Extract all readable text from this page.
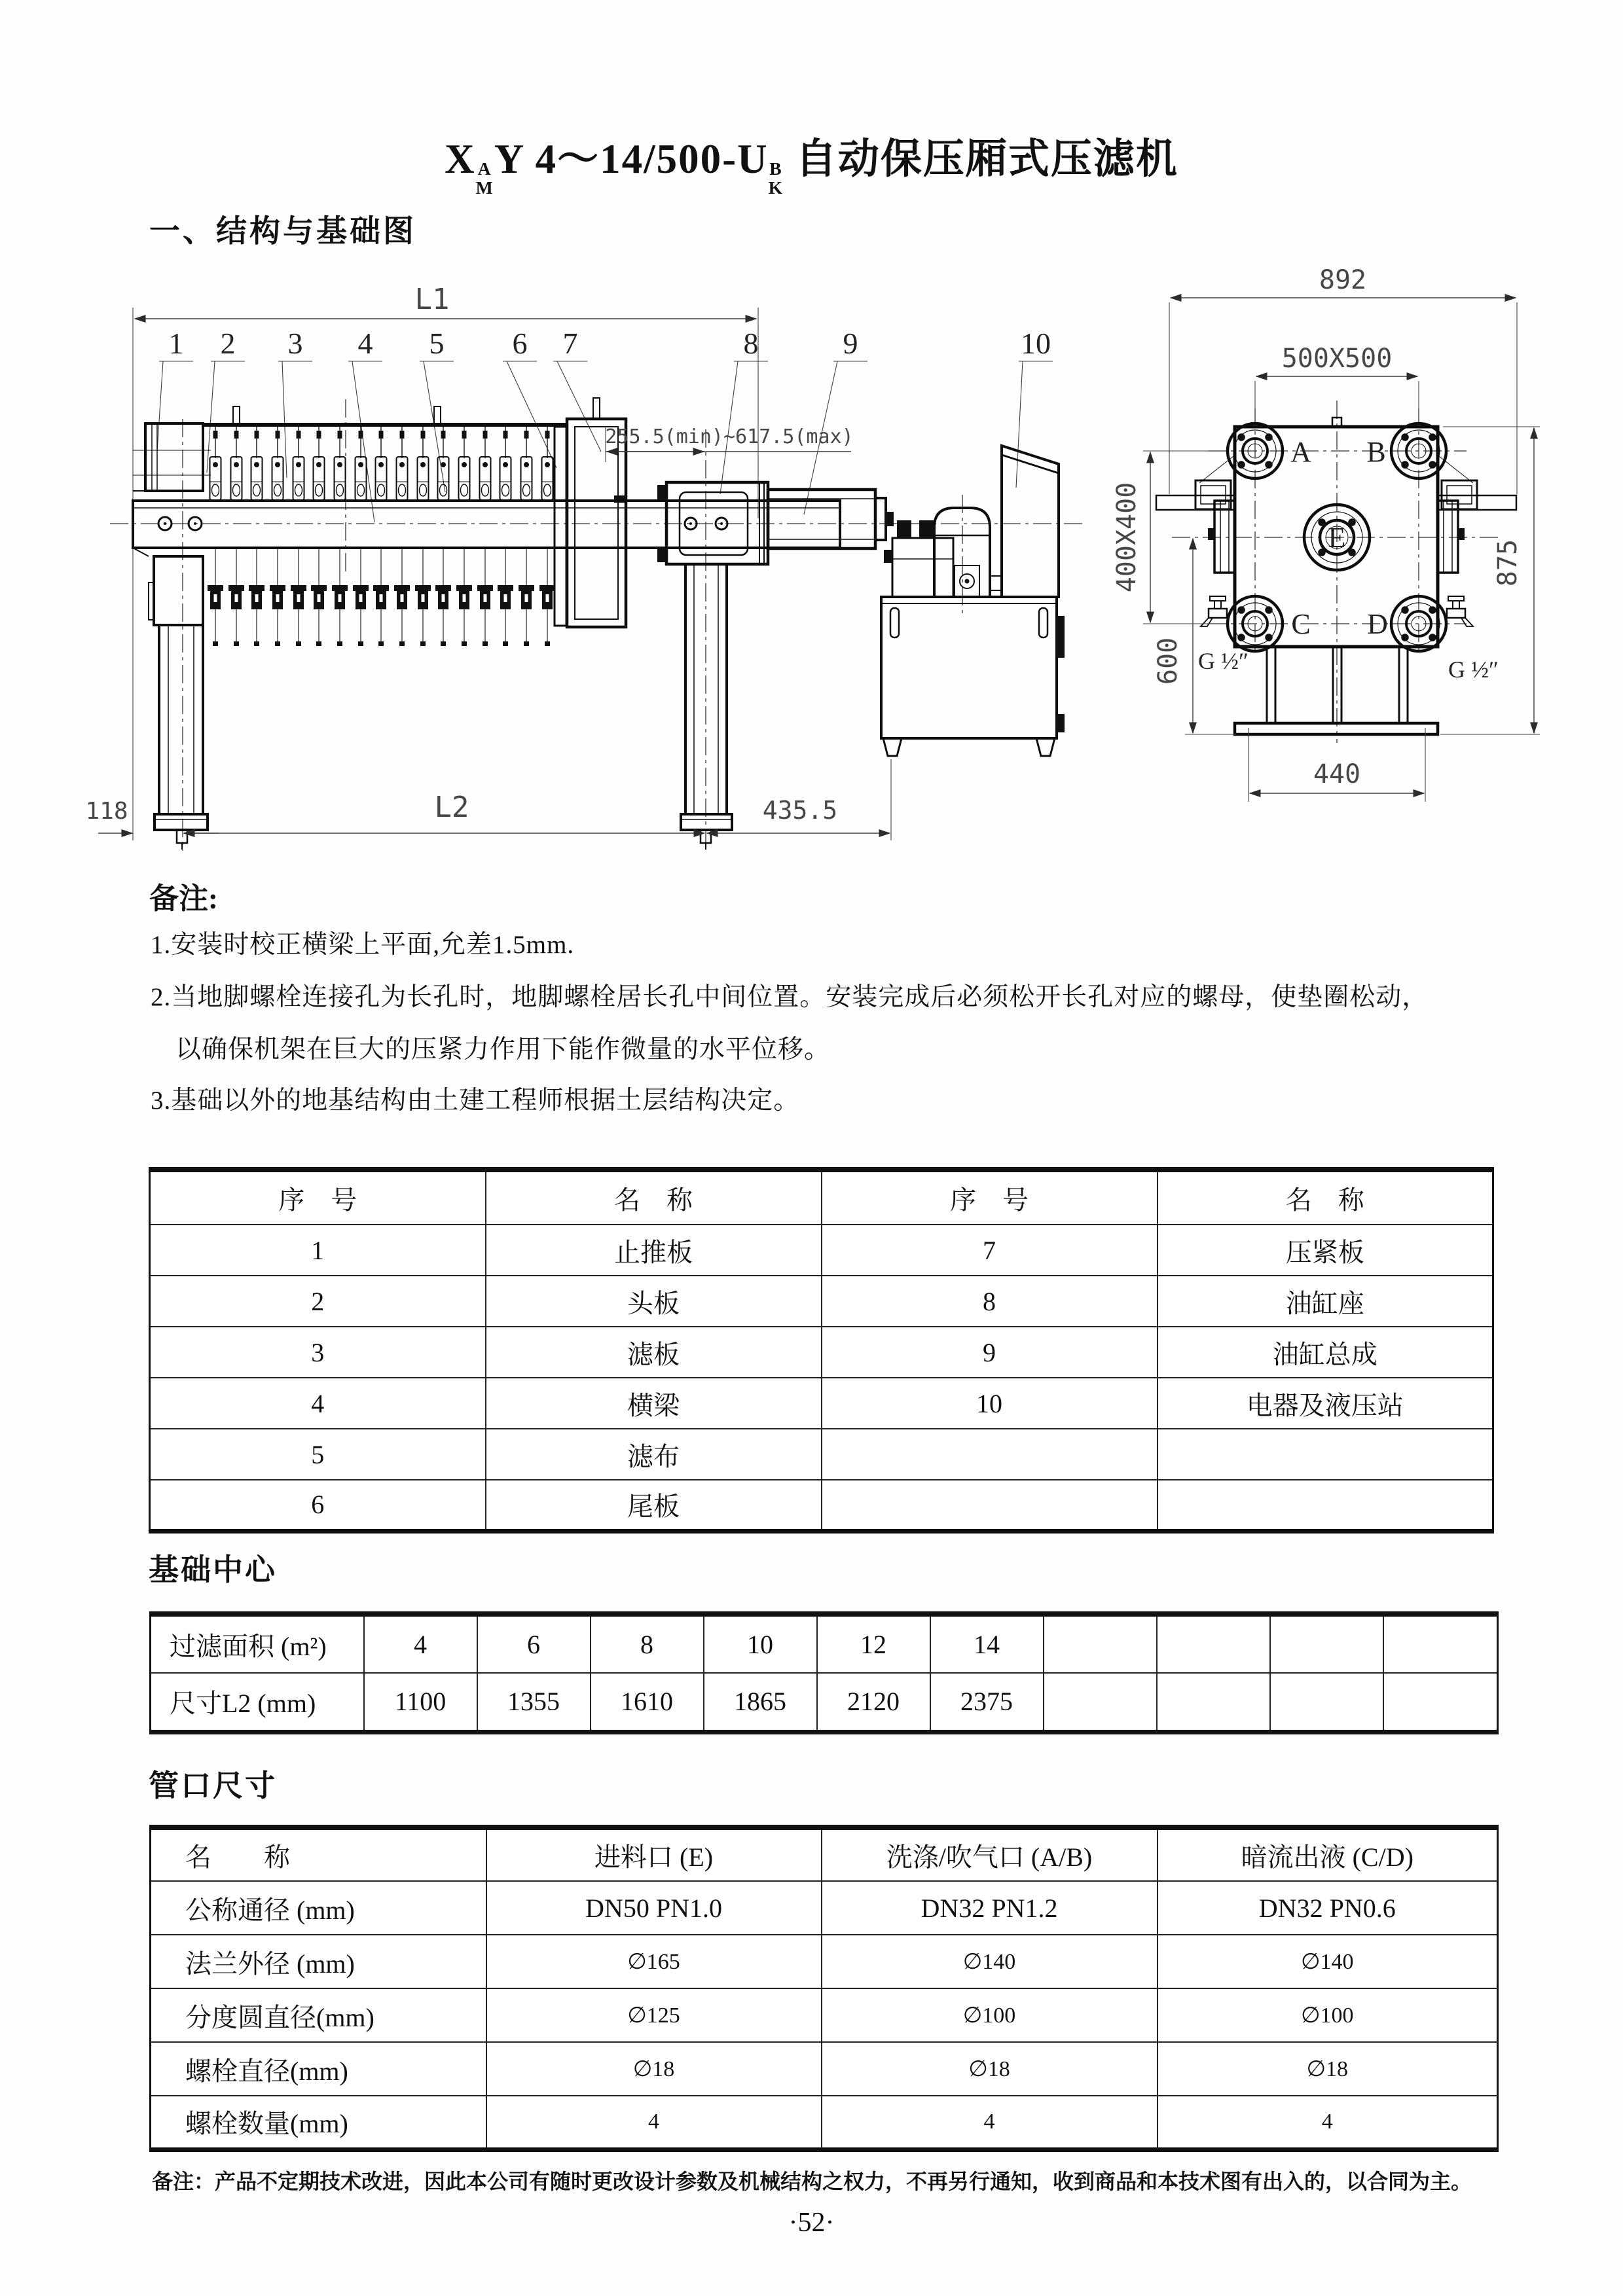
X A
M
Y 4～14/500-U B
K
自动保压厢式压滤机
一、结构与基础图
L1
1 2 3 4 5 6 7	8	9	10
255.5(min)~617.5(max)
118	L2	435.5
A B
C D
E
G ½″	G ½″
892
500X500
400X400
600
875
440
备注:
1.安装时校正横梁上平面,允差1.5mm.
2.当地脚螺栓连接孔为长孔时，地脚螺栓居长孔中间位置。安装完成后必须松开长孔对应的螺母，使垫圈松动，
以确保机架在巨大的压紧力作用下能作微量的水平位移。
3.基础以外的地基结构由土建工程师根据土层结构决定。
序　号	名　称	序　号	名　称
1	止推板	7	压紧板
2	头板	8	油缸座
3	滤板	9	油缸总成
4	横梁	10	电器及液压站
5	滤布		
6	尾板		
基础中心
过滤面积 (m²)	4	6	8	10	12	14				
尺寸L2 (mm)	1100	1355	1610	1865	2120	2375				
管口尺寸
名　　称	进料口 (E)	洗涤/吹气口 (A/B)	暗流出液 (C/D)
公称通径 (mm)	DN50 PN1.0	DN32 PN1.2	DN32 PN0.6
法兰外径 (mm)	∅165	∅140	∅140
分度圆直径(mm)	∅125	∅100	∅100
螺栓直径(mm)	∅18	∅18	∅18
螺栓数量(mm)	4	4	4
备注：产品不定期技术改进，因此本公司有随时更改设计参数及机械结构之权力，不再另行通知，收到商品和本技术图有出入的，以合同为主。
·52·
